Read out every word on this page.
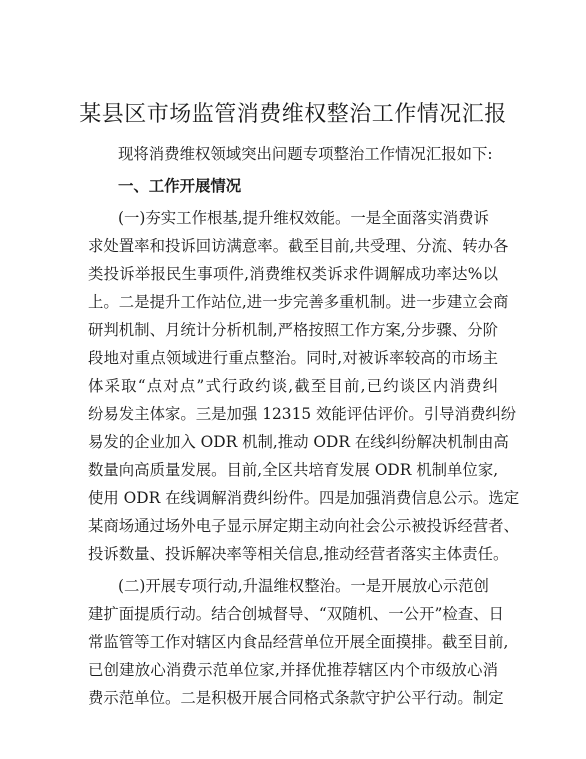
某县区市场监管消费维权整治工作情况汇报
现将消费维权领域突出问题专项整治工作情况汇报如下:
一、工作开展情况
(一)夯实工作根基,提升维权效能。一是全面落实消费诉
求处置率和投诉回访满意率。截至目前,共受理、分流、转办各
类投诉举报民生事项件,消费维权类诉求件调解成功率达%以
上。二是提升工作站位,进一步完善多重机制。进一步建立会商
研判机制、月统计分析机制,严格按照工作方案,分步骤、分阶
段地对重点领域进行重点整治。同时,对被诉率较高的市场主
体采取“点对点”式行政约谈,截至目前,已约谈区内消费纠
纷易发主体家。三是加强 12315 效能评估评价。引导消费纠纷
易发的企业加入 ODR 机制,推动 ODR 在线纠纷解决机制由高
数量向高质量发展。目前,全区共培育发展 ODR 机制单位家,
使用 ODR 在线调解消费纠纷件。四是加强消费信息公示。选定
某商场通过场外电子显示屏定期主动向社会公示被投诉经营者、
投诉数量、投诉解决率等相关信息,推动经营者落实主体责任。
(二)开展专项行动,升温维权整治。一是开展放心示范创
建扩面提质行动。结合创城督导、“双随机、一公开”检查、日
常监管等工作对辖区内食品经营单位开展全面摸排。截至目前,
已创建放心消费示范单位家,并择优推荐辖区内个市级放心消
费示范单位。二是积极开展合同格式条款守护公平行动。制定
